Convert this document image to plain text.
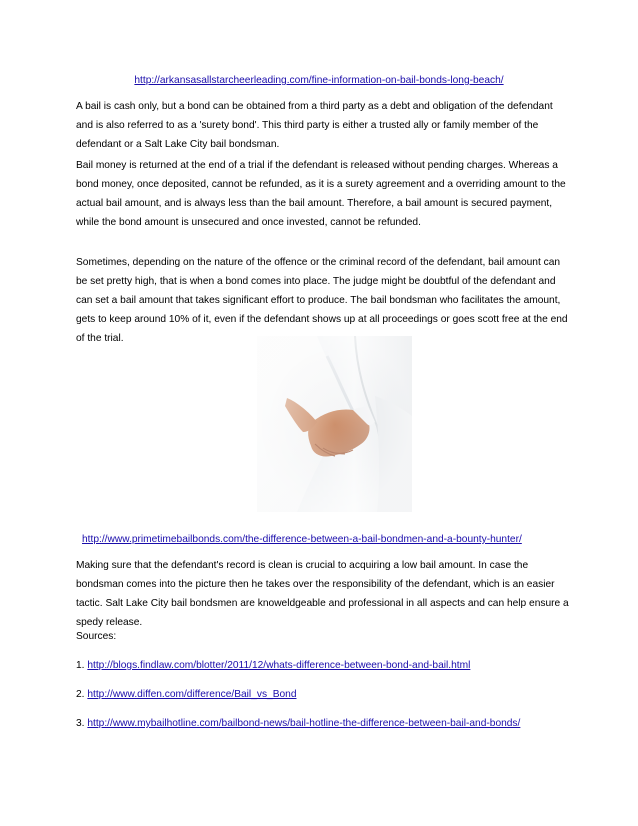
http://arkansasallstarcheerleading.com/fine-information-on-bail-bonds-long-beach/

A bail is cash only, but a bond can be obtained from a third party as a debt and obligation of the defendant and is also referred to as a 'surety bond'. This third party is either a trusted ally or family member of the defendant or a Salt Lake City bail bondsman.

Bail money is returned at the end of a trial if the defendant is released without pending charges. Whereas a bond money, once deposited, cannot be refunded, as it is a surety agreement and a overriding amount to the actual bail amount, and is always less than the bail amount. Therefore, a bail amount is secured payment, while the bond amount is unsecured and once invested, cannot be refunded.

Sometimes, depending on the nature of the offence or the criminal record of the defendant, bail amount can be set pretty high, that is when a bond comes into place. The judge might be doubtful of the defendant and can set a bail amount that takes significant effort to produce. The bail bondsman who facilitates the amount, gets to keep around 10% of it, even if the defendant shows up at all proceedings or goes scott free at the end of the trial.

http://www.primetimebailbonds.com/the-difference-between-a-bail-bondmen-and-a-bounty-hunter/

Making sure that the defendant's record is clean is crucial to acquiring a low bail amount. In case the bondsman comes into the picture then he takes over the responsibility of the defendant, which is an easier tactic. Salt Lake City bail bondsmen are knoweldgeable and professional in all aspects and can help ensure a spedy release.

Sources:
1. http://blogs.findlaw.com/blotter/2011/12/whats-difference-between-bond-and-bail.html
2. http://www.diffen.com/difference/Bail_vs_Bond
3. http://www.mybailhotline.com/bailbond-news/bail-hotline-the-difference-between-bail-and-bonds/
